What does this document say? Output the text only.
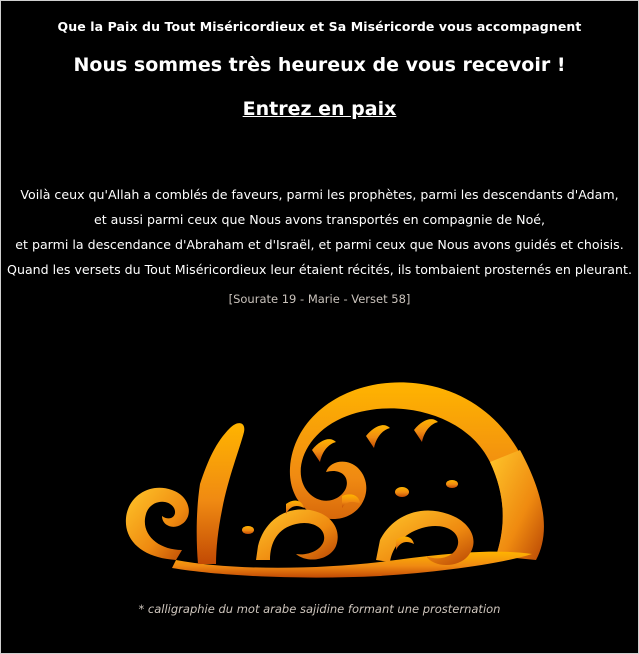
Que la Paix du Tout Miséricordieux et Sa Miséricorde vous accompagnent
Nous sommes très heureux de vous recevoir !
Entrez en paix
Voilà ceux qu'Allah a comblés de faveurs, parmi les prophètes, parmi les descendants d'Adam,
et aussi parmi ceux que Nous avons transportés en compagnie de Noé,
et parmi la descendance d'Abraham et d'Israël, et parmi ceux que Nous avons guidés et choisis.
Quand les versets du Tout Miséricordieux leur étaient récités, ils tombaient prosternés en pleurant.
[Sourate 19 - Marie - Verset 58]
* calligraphie du mot arabe sajidine formant une prosternation
